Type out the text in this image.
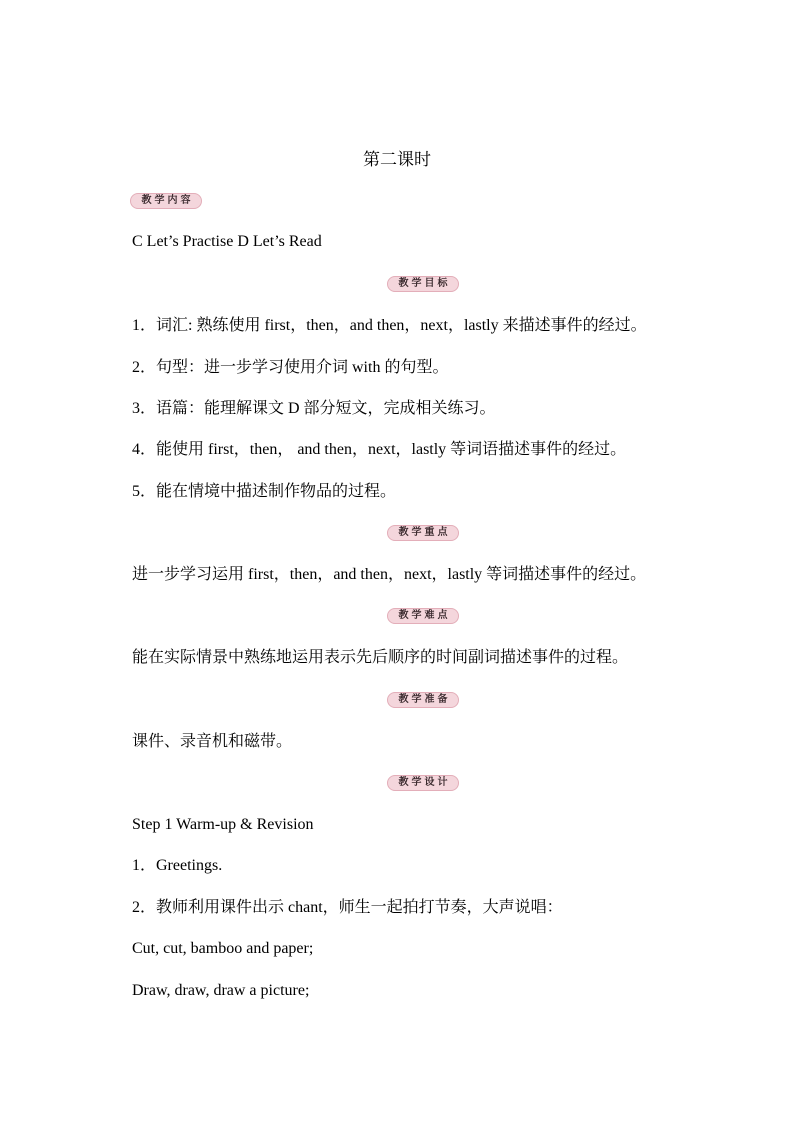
第二课时
教学内容
C Let’s Practise D Let’s Read
教学目标
1．词汇: 熟练使用 first，then，and then，next，lastly 来描述事件的经过。
2．句型：进一步学习使用介词 with 的句型。
3．语篇：能理解课文 D 部分短文，完成相关练习。
4．能使用 first，then， and then，next，lastly 等词语描述事件的经过。
5．能在情境中描述制作物品的过程。
教学重点
进一步学习运用 first，then，and then，next，lastly 等词描述事件的经过。
教学难点
能在实际情景中熟练地运用表示先后顺序的时间副词描述事件的过程。
教学准备
课件、录音机和磁带。
教学设计
Step 1 Warm-up & Revision
1．Greetings.
2．教师利用课件出示 chant，师生一起拍打节奏，大声说唱：
Cut, cut, bamboo and paper;
Draw, draw, draw a picture;
